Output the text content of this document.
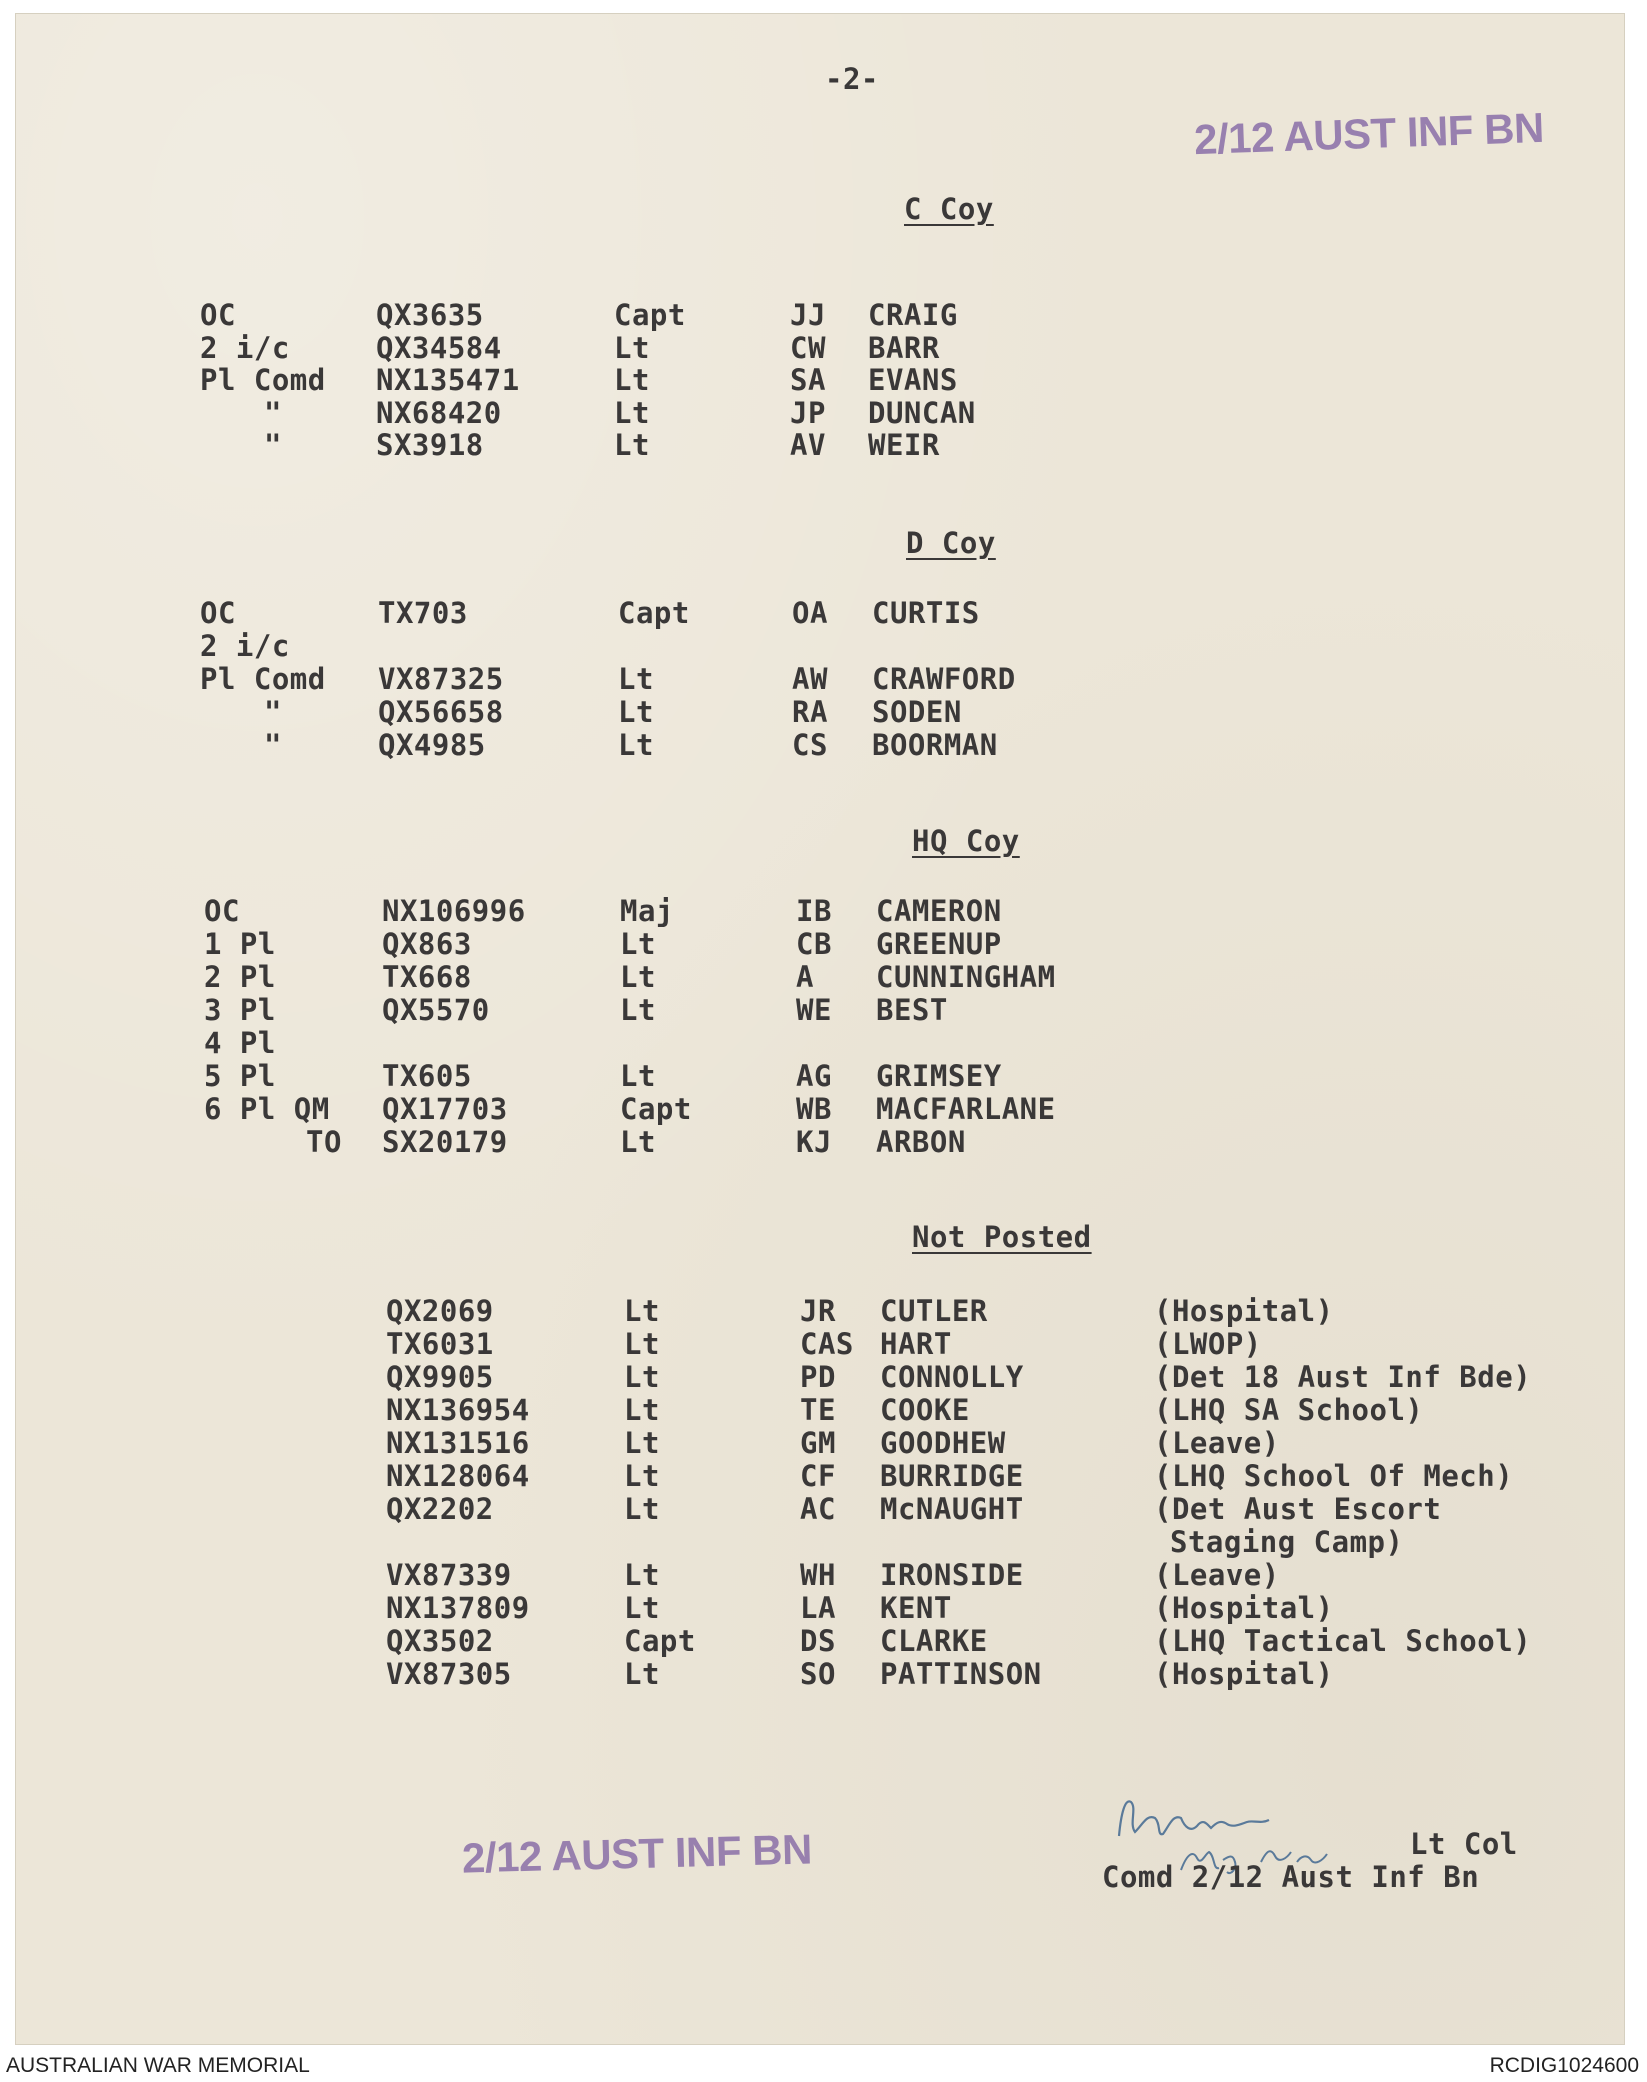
-2-
2/12 AUST INF BN
C Coy
OC	QX3635	Capt	JJ CRAIG
2 i/c	QX34584	Lt	CW BARR
Pl Comd NX135471	Lt	SA EVANS
"	NX68420	Lt	JP DUNCAN
"	SX3918	Lt	AV WEIR
D Coy
OC	TX703	Capt	OA CURTIS
2 i/c
Pl Comd VX87325	Lt	AW CRAWFORD
"	QX56658	Lt	RA SODEN
"	QX4985	Lt	CS BOORMAN
HQ Coy
OC	NX106996	Maj	IB CAMERON
1 Pl	QX863	Lt	CB GREENUP
2 Pl	TX668	Lt	A CUNNINGHAM
3 Pl	QX5570	Lt	WE BEST
4 Pl
5 Pl	TX605	Lt	AG GRIMSEY
6 Pl QM QX17703	Capt	WB MACFARLANE
TO SX20179	Lt	KJ ARBON
Not Posted
QX2069	Lt	JR CUTLER	(Hospital)
TX6031	Lt	CAS HART	(LWOP)
QX9905	Lt	PD CONNOLLY	(Det 18 Aust Inf Bde)
NX136954	Lt	TE COOKE	(LHQ SA School)
NX131516	Lt	GM GOODHEW	(Leave)
NX128064	Lt	CF BURRIDGE	(LHQ School Of Mech)
QX2202	Lt	AC McNAUGHT	(Det Aust Escort
Staging Camp)
VX87339	Lt	WH IRONSIDE	(Leave)
NX137809	Lt	LA KENT	(Hospital)
QX3502	Capt	DS CLARKE	(LHQ Tactical School)
VX87305	Lt	SO PATTINSON	(Hospital)
2/12 AUST INF BN	Lt Col
Comd 2/12 Aust Inf Bn
AUSTRALIAN WAR MEMORIAL	RCDIG1024600
